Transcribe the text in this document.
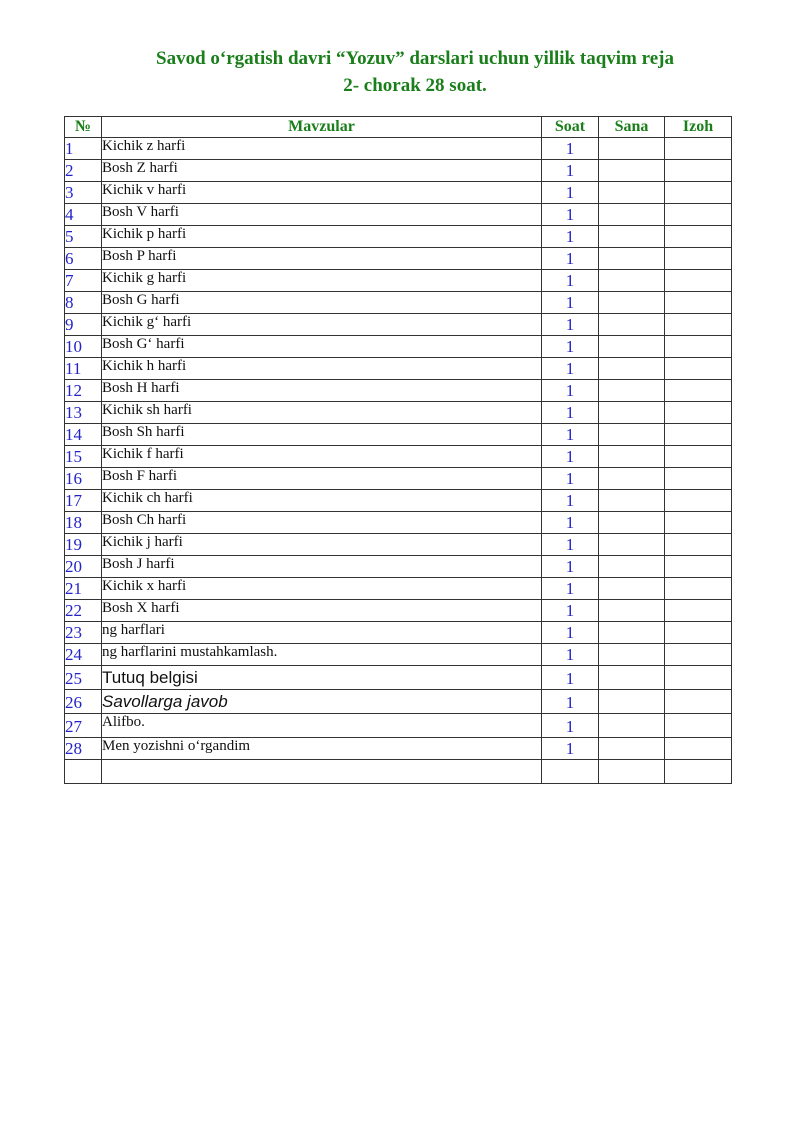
Savod o‘rgatish davri “Yozuv” darslari uchun yillik taqvim reja
2- chorak 28 soat.
№	Mavzular	Soat	Sana	Izoh
1	Kichik z harfi	1		
2	Bosh Z harfi	1		
3	Kichik v harfi	1		
4	Bosh V harfi	1		
5	Kichik p harfi	1		
6	Bosh P harfi	1		
7	Kichik g harfi	1		
8	Bosh G harfi	1		
9	Kichik g‘ harfi	1		
10	Bosh G‘ harfi	1		
11	Kichik h harfi	1		
12	Bosh H harfi	1		
13	Kichik sh harfi	1		
14	Bosh Sh harfi	1		
15	Kichik f harfi	1		
16	Bosh F harfi	1		
17	Kichik ch harfi	1		
18	Bosh Ch harfi	1		
19	Kichik j harfi	1		
20	Bosh J harfi	1		
21	Kichik x harfi	1		
22	Bosh X harfi	1		
23	ng harflari	1		
24	ng harflarini mustahkamlash.	1		
25	Tutuq belgisi	1		
26	Savollarga javob	1		
27	Alifbo.	1		
28	Men yozishni o‘rgandim	1		
